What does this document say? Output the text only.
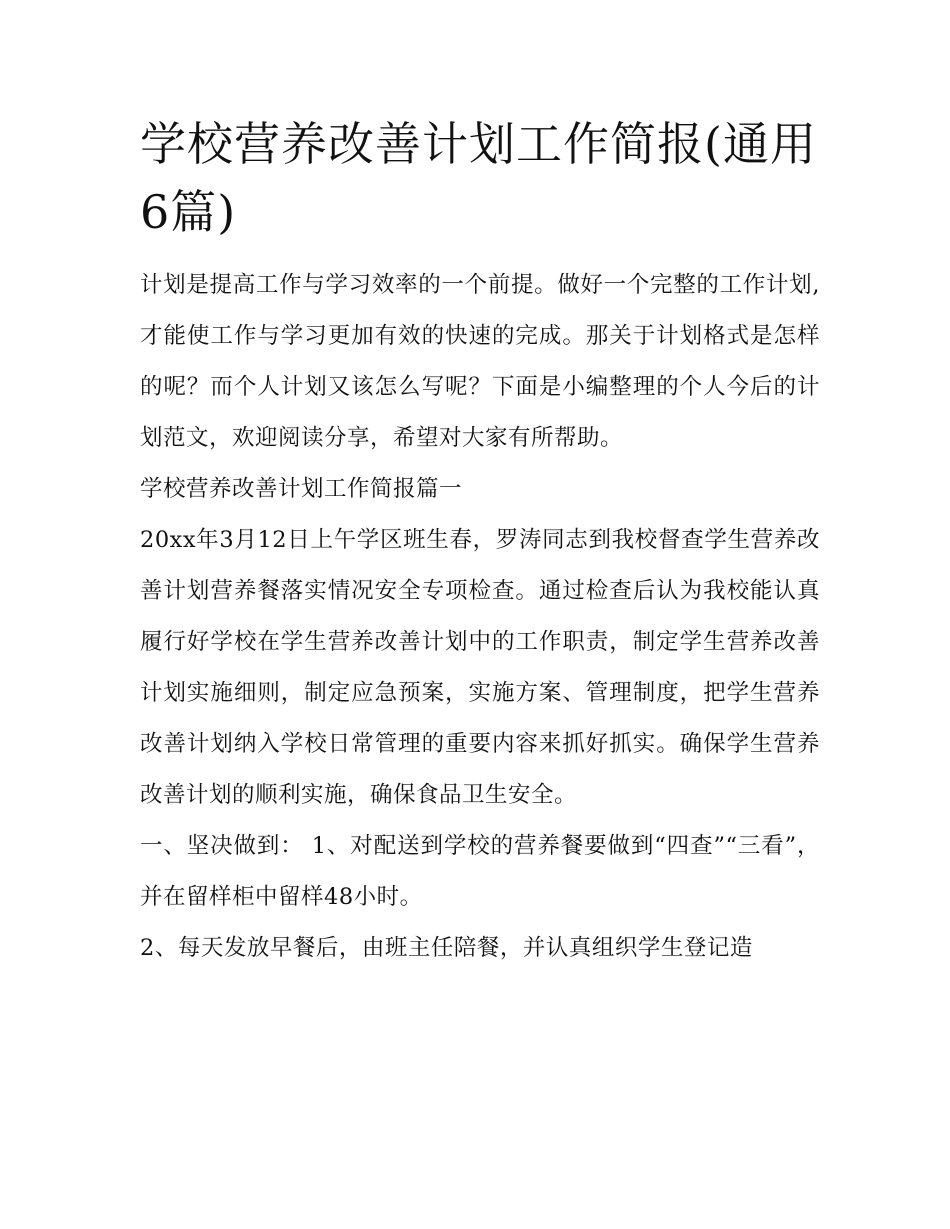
学校营养改善计划工作简报(通用6篇)

计划是提高工作与学习效率的一个前提。做好一个完整的工作计划,才能使工作与学习更加有效的快速的完成。那关于计划格式是怎样的呢？而个人计划又该怎么写呢？下面是小编整理的个人今后的计划范文，欢迎阅读分享，希望对大家有所帮助。

学校营养改善计划工作简报篇一

20xx年3月12日上午学区班生春，罗涛同志到我校督查学生营养改善计划营养餐落实情况安全专项检查。通过检查后认为我校能认真履行好学校在学生营养改善计划中的工作职责，制定学生营养改善计划实施细则，制定应急预案，实施方案、管理制度，把学生营养改善计划纳入学校日常管理的重要内容来抓好抓实。确保学生营养改善计划的顺利实施，确保食品卫生安全。

一、坚决做到： 1、对配送到学校的营养餐要做到“四查”“三看”，并在留样柜中留样48小时。

2、每天发放早餐后，由班主任陪餐，并认真组织学生登记造
